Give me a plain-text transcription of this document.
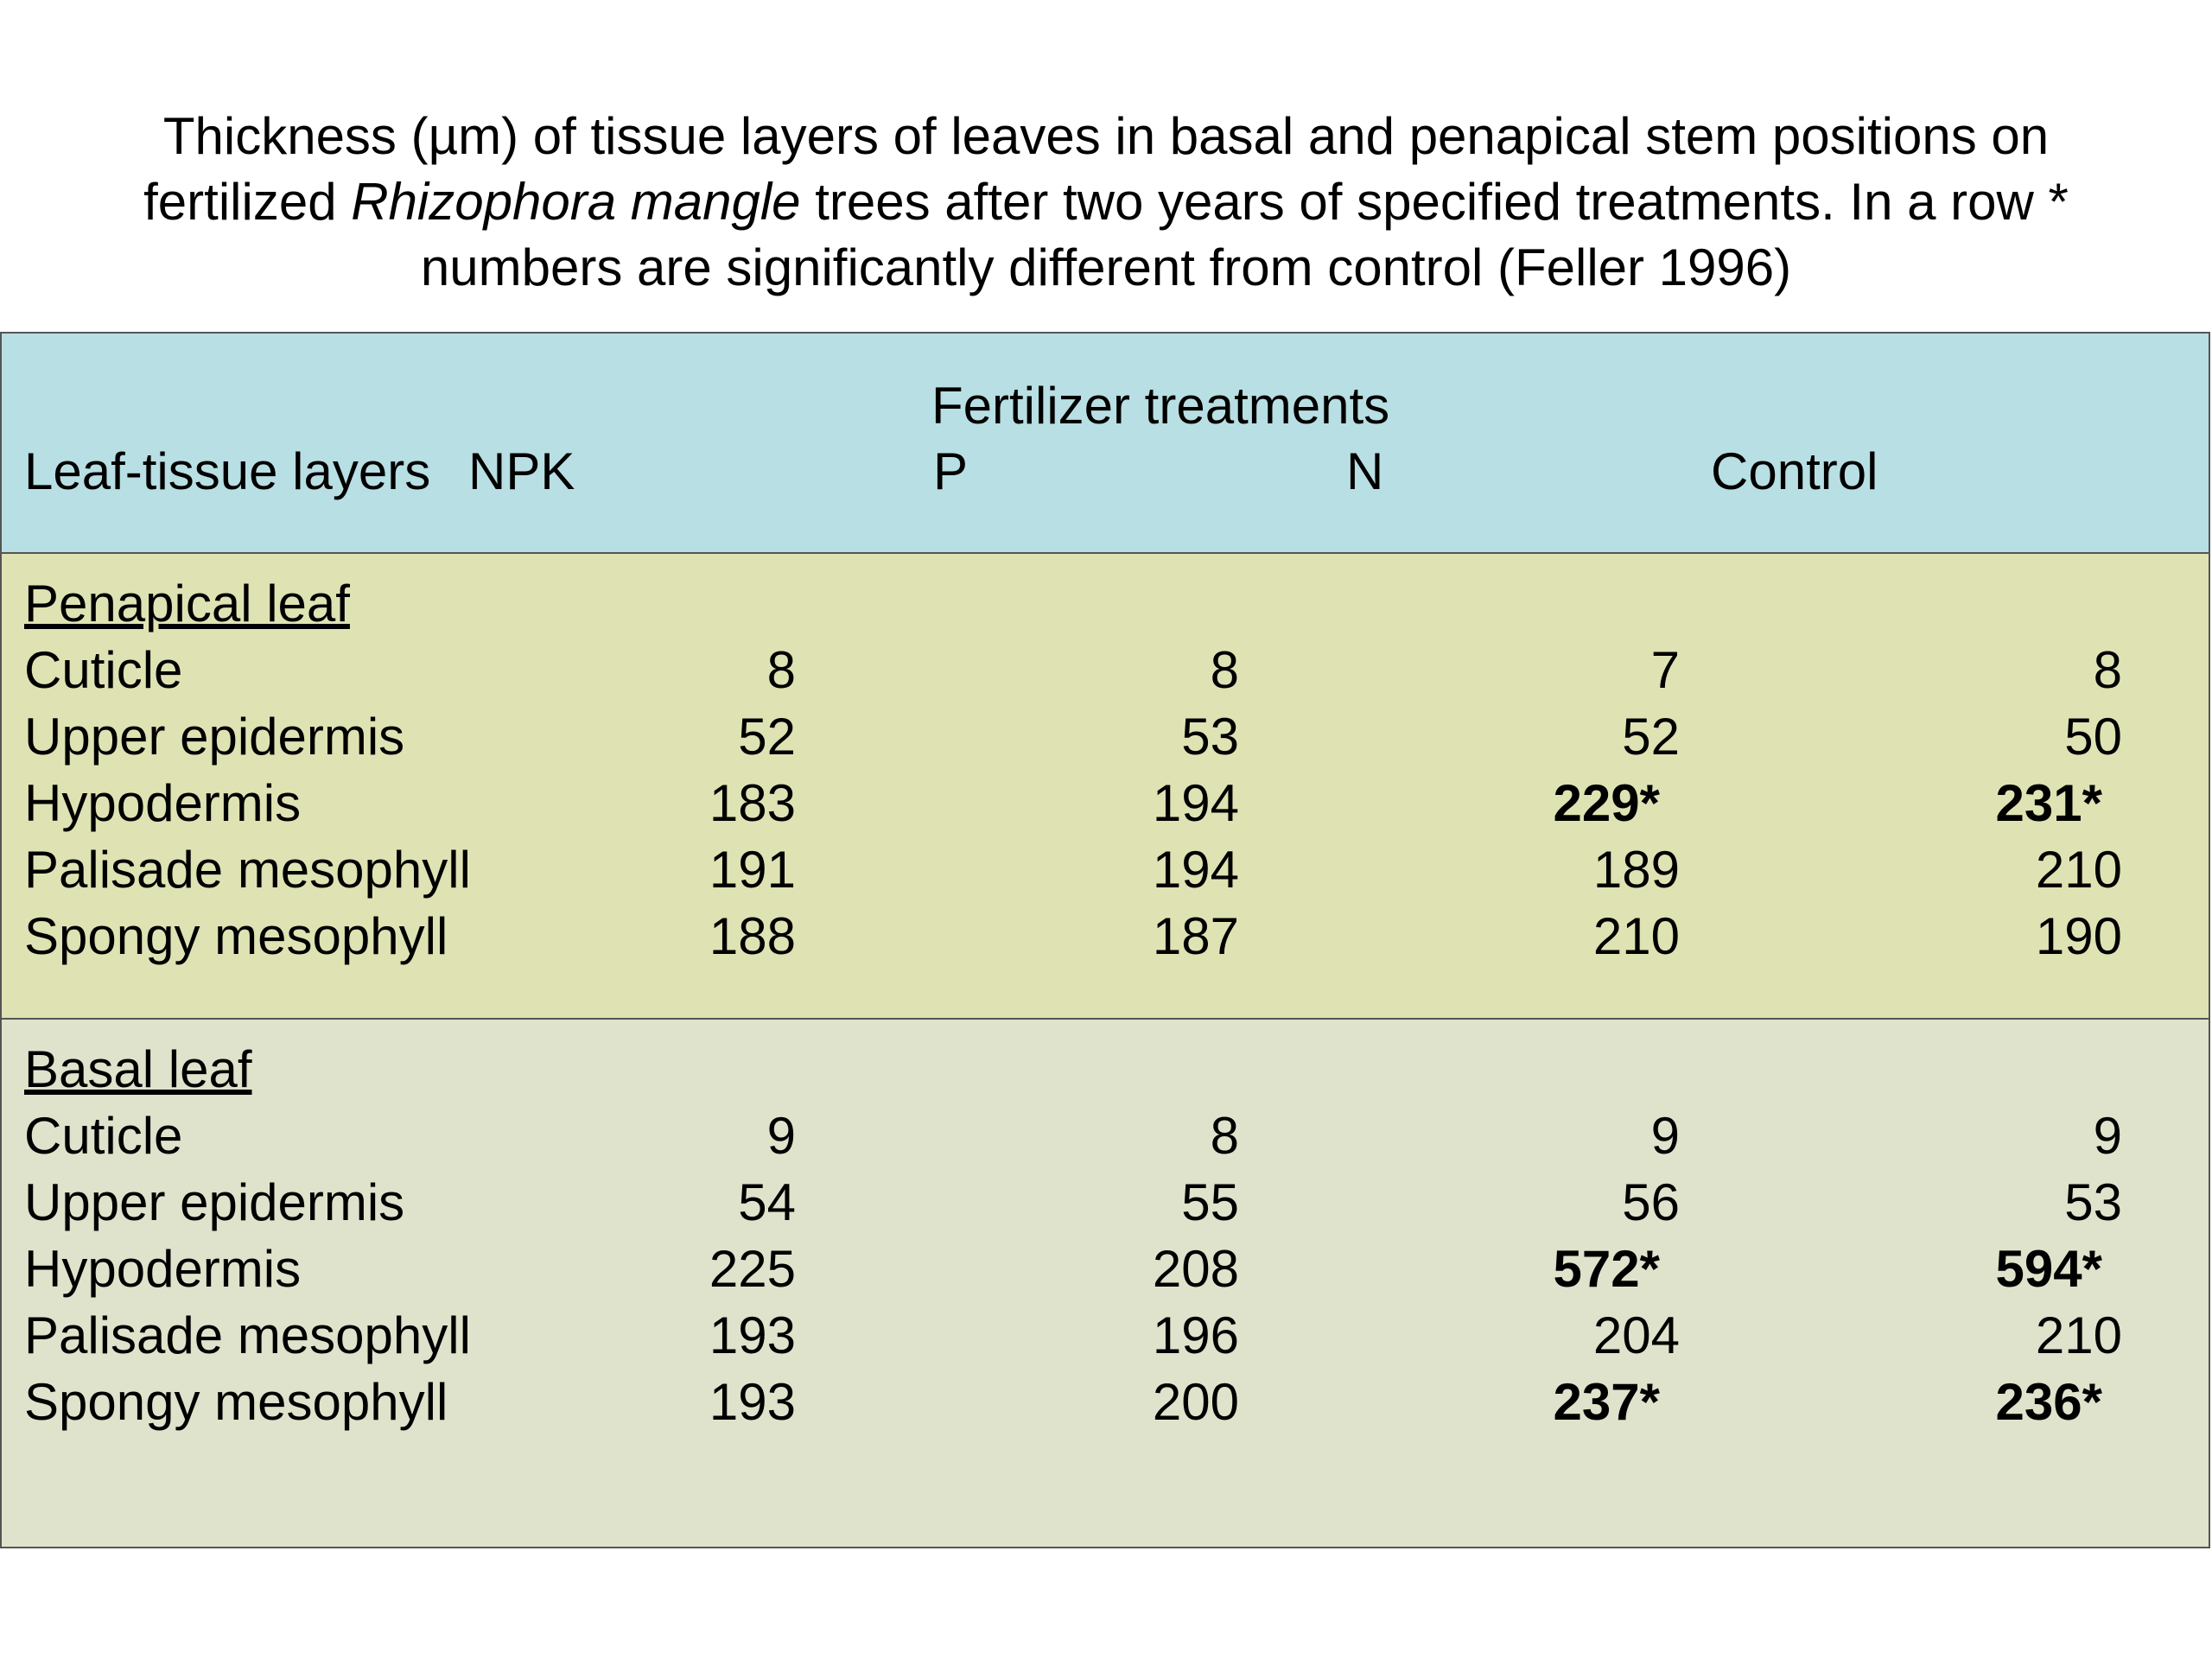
Thickness (µm) of tissue layers of leaves in basal and penapical stem positions on
fertilized Rhizophora mangle trees after two years of specified treatments. In a row *
numbers are significantly different from control (Feller 1996)
Fertilizer treatments
Leaf-tissue layers NPK	P	N	Control
Penapical leaf
Cuticle	8	8	7	8
Upper epidermis	52	53	52	50
Hypodermis	183	194	229*	231*
Palisade mesophyll	191	194	189	210
Spongy mesophyll	188	187	210	190
Basal leaf
Cuticle	9	8	9	9
Upper epidermis	54	55	56	53
Hypodermis	225	208	572*	594*
Palisade mesophyll	193	196	204	210
Spongy mesophyll	193	200	237*	236*
